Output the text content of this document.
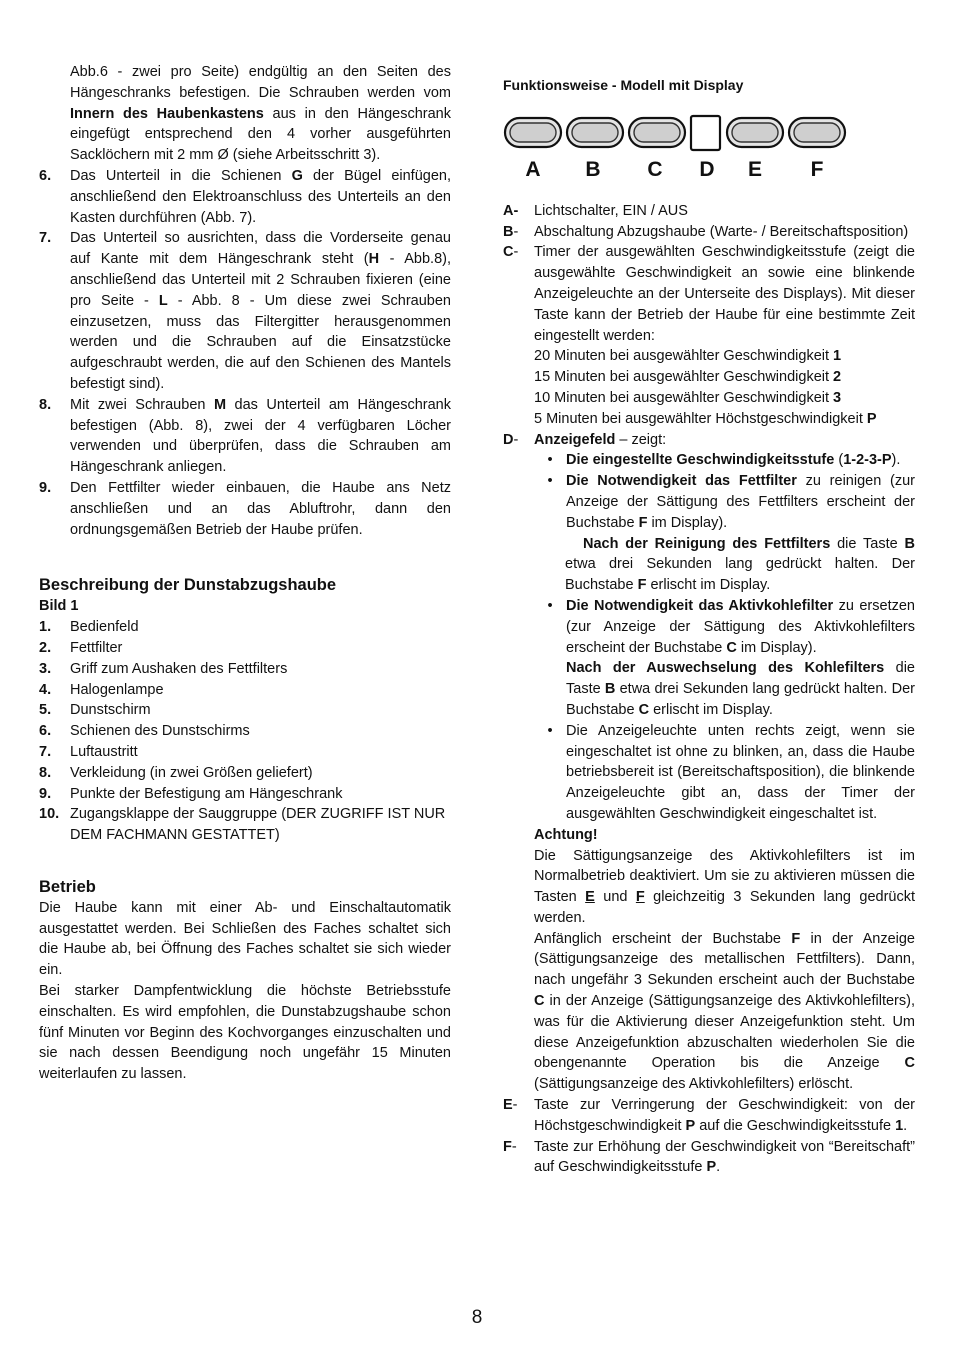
Abb.6 - zwei pro Seite) endgültig an den Seiten des Hängeschranks befestigen. Die Schrauben werden vom Innern des Haubenkastens aus in den Hängeschrank eingefügt entsprechend den 4 vorher ausgeführten Sacklöchern mit 2 mm Ø (siehe Arbeitsschritt 3).

6.	Das Unterteil in die Schienen G der Bügel einfügen, anschließend den Elektroanschluss des Unterteils an den Kasten durchführen (Abb. 7).
7.	Das Unterteil so ausrichten, dass die Vorderseite genau auf Kante mit dem Hängeschrank steht (H - Abb.8), anschließend das Unterteil mit 2 Schrauben fixieren (eine pro Seite - L - Abb. 8 - Um diese zwei Schrauben einzusetzen, muss das Filtergitter herausgenommen werden und die Schrauben auf die Einsatzstücke aufgeschraubt werden, die auf den Schienen des Mantels befestigt sind).
8.	Mit zwei Schrauben M das Unterteil am Hängeschrank befestigen (Abb. 8), zwei der 4 verfügbaren Löcher verwenden und überprüfen, dass die Schrauben am Hängeschrank anliegen.
9.	Den Fettfilter wieder einbauen, die Haube ans Netz anschließen und an das Abluftrohr, dann den ordnungsgemäßen Betrieb der Haube prüfen.
Beschreibung der Dunstabzugshaube
Bild 1
1.	Bedienfeld
2.	Fettfilter
3.	Griff zum Aushaken des Fettfilters
4.	Halogenlampe
5.	Dunstschirm
6.	Schienen des Dunstschirms
7.	Luftaustritt
8.	Verkleidung (in zwei Größen geliefert)
9.	Punkte der Befestigung am Hängeschrank
10. Zugangsklappe der Sauggruppe (DER ZUGRIFF IST NUR DEM FACHMANN GESTATTET)
Betrieb

Die Haube kann mit einer Ab- und Einschaltautomatik ausgestattet werden. Bei Schließen des Faches schaltet sich die Haube ab, bei Öffnung des Faches schaltet sie sich wieder ein.

Bei starker Dampfentwicklung die höchste Betriebsstufe einschalten. Es wird empfohlen, die Dunstabzugshaube schon fünf Minuten vor Beginn des Kochvorganges einzuschalten und sie nach dessen Beendigung noch ungefähr 15 Minuten weiterlaufen zu lassen.

Funktionsweise - Modell mit Display
A B C D E F
A-	Lichtschalter, EIN / AUS
B-	Abschaltung Abzugshaube (Warte- / Bereitschaftsposition)
C-	Timer der ausgewählten Geschwindigkeitsstufe (zeigt die ausgewählte Geschwindigkeit an sowie eine blinkende Anzeigeleuchte an der Unterseite des Displays). Mit dieser Taste kann der Betrieb der Haube für eine bestimmte Zeit eingestellt werden:
20 Minuten bei ausgewählter Geschwindigkeit 1
15 Minuten bei ausgewählter Geschwindigkeit 2
10 Minuten bei ausgewählter Geschwindigkeit 3
5 Minuten bei ausgewählter Höchstgeschwindigkeit P
D-	Anzeigefeld – zeigt:
• Die eingestellte Geschwindigkeitsstufe (1-2-3-P).
• Die Notwendigkeit das Fettfilter zu reinigen (zur Anzeige der Sättigung des Fettfilters erscheint der Buchstabe F im Display).

Nach der Reinigung des Fettfilters die Taste B etwa drei Sekunden lang gedrückt halten. Der Buchstabe F erlischt im Display.

• Die Notwendigkeit das Aktivkohlefilter zu ersetzen (zur Anzeige der Sättigung des Aktivkohlefilters erscheint der Buchstabe C im Display).

Nach der Auswechselung des Kohlefilters die Taste B etwa drei Sekunden lang gedrückt halten. Der Buchstabe C erlischt im Display.

• Die Anzeigeleuchte unten rechts zeigt, wenn sie eingeschaltet ist ohne zu blinken, an, dass die Haube betriebsbereit ist (Bereitschaftsposition), die blinkende Anzeigeleuchte gibt an, dass der Timer der ausgewählten Geschwindigkeit eingeschaltet ist.
Achtung!

Die Sättigungsanzeige des Aktivkohlefilters ist im Normalbetrieb deaktiviert. Um sie zu aktivieren müssen die Tasten E und F gleichzeitig 3 Sekunden lang gedrückt werden.

Anfänglich erscheint der Buchstabe F in der Anzeige (Sättigungsanzeige des metallischen Fettfilters). Dann, nach ungefähr 3 Sekunden erscheint auch der Buchstabe C in der Anzeige (Sättigungsanzeige des Aktivkohlefilters), was für die Aktivierung dieser Anzeigefunktion steht. Um diese Anzeigefunktion abzuschalten wiederholen Sie die obengenannte Operation bis die Anzeige C (Sättigungsanzeige des Aktivkohlefilters) erlöscht.

E-	Taste zur Verringerung der Geschwindigkeit: von der Höchstgeschwindigkeit P auf die Geschwindigkeitsstufe 1.
F-	Taste zur Erhöhung der Geschwindigkeit von “Bereitschaft” auf Geschwindigkeitsstufe P.
8
